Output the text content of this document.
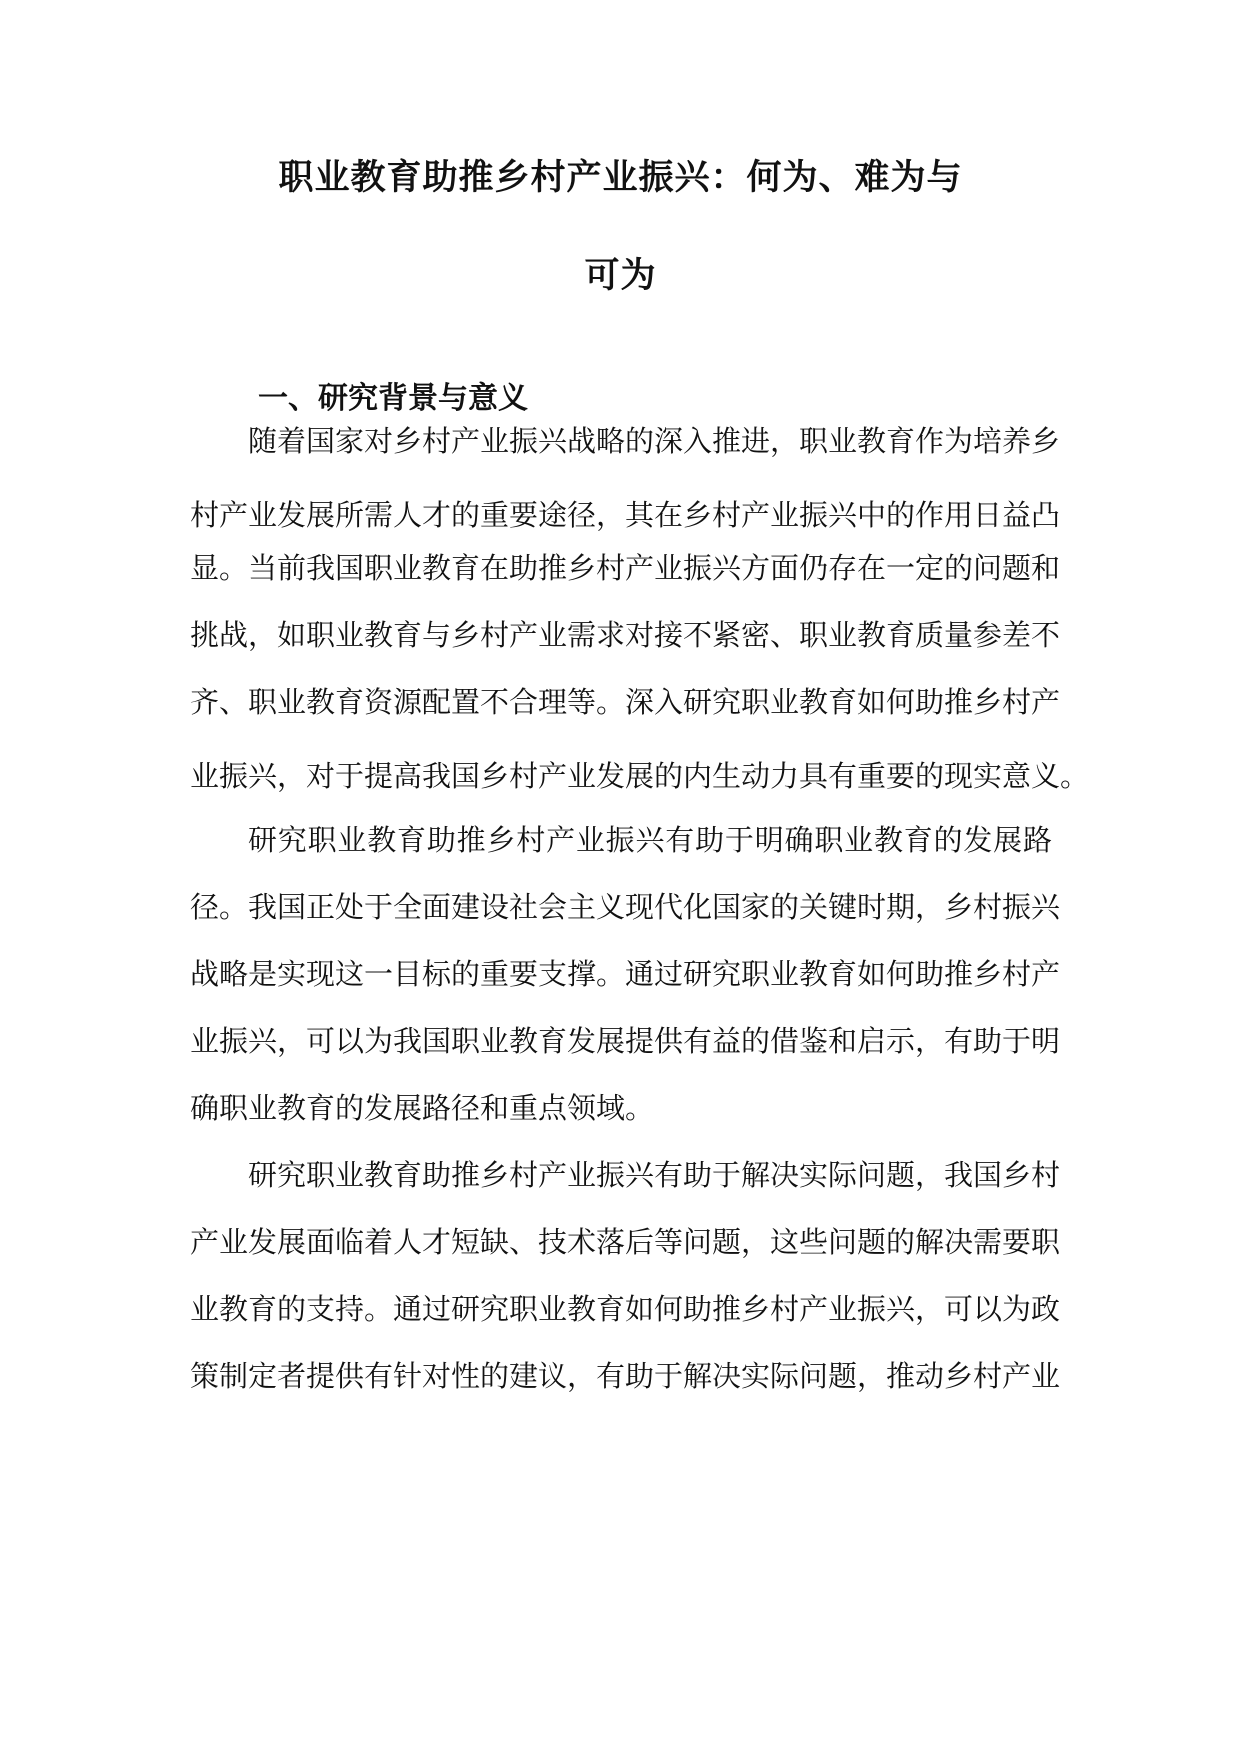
职业教育助推乡村产业振兴：何为、难为与
可为
一、研究背景与意义
随着国家对乡村产业振兴战略的深入推进，职业教育作为培养乡
村产业发展所需人才的重要途径，其在乡村产业振兴中的作用日益凸
显。当前我国职业教育在助推乡村产业振兴方面仍存在一定的问题和
挑战，如职业教育与乡村产业需求对接不紧密、职业教育质量参差不
齐、职业教育资源配置不合理等。深入研究职业教育如何助推乡村产
业振兴，对于提高我国乡村产业发展的内生动力具有重要的现实意义。
研究职业教育助推乡村产业振兴有助于明确职业教育的发展路
径。我国正处于全面建设社会主义现代化国家的关键时期，乡村振兴
战略是实现这一目标的重要支撑。通过研究职业教育如何助推乡村产
业振兴，可以为我国职业教育发展提供有益的借鉴和启示，有助于明
确职业教育的发展路径和重点领域。
研究职业教育助推乡村产业振兴有助于解决实际问题，我国乡村
产业发展面临着人才短缺、技术落后等问题，这些问题的解决需要职
业教育的支持。通过研究职业教育如何助推乡村产业振兴，可以为政
策制定者提供有针对性的建议，有助于解决实际问题，推动乡村产业
